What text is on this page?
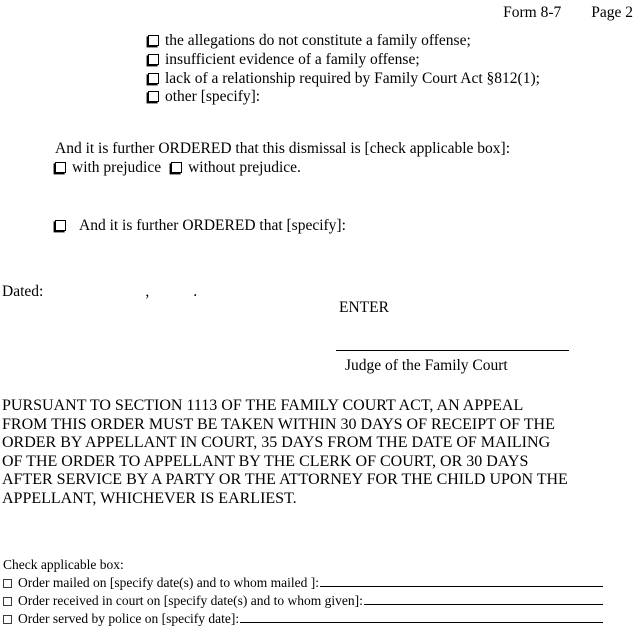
Form 8-7 Page 2
the allegations do not constitute a family offense;
insufficient evidence of a family offense;
lack of a relationship required by Family Court Act §812(1);
other [specify]:
And it is further ORDERED that this dismissal is [check applicable box]:
with prejudice without prejudice.
And it is further ORDERED that [specify]:
Dated:	,	.
ENTER
Judge of the Family Court
PURSUANT TO SECTION 1113 OF THE FAMILY COURT ACT, AN APPEAL
FROM THIS ORDER MUST BE TAKEN WITHIN 30 DAYS OF RECEIPT OF THE
ORDER BY APPELLANT IN COURT, 35 DAYS FROM THE DATE OF MAILING
OF THE ORDER TO APPELLANT BY THE CLERK OF COURT, OR 30 DAYS
AFTER SERVICE BY A PARTY OR THE ATTORNEY FOR THE CHILD UPON THE
APPELLANT, WHICHEVER IS EARLIEST.
Check applicable box:
Order mailed on [specify date(s) and to whom mailed ]:
Order received in court on [specify date(s) and to whom given]:
Order served by police on [specify date]:
